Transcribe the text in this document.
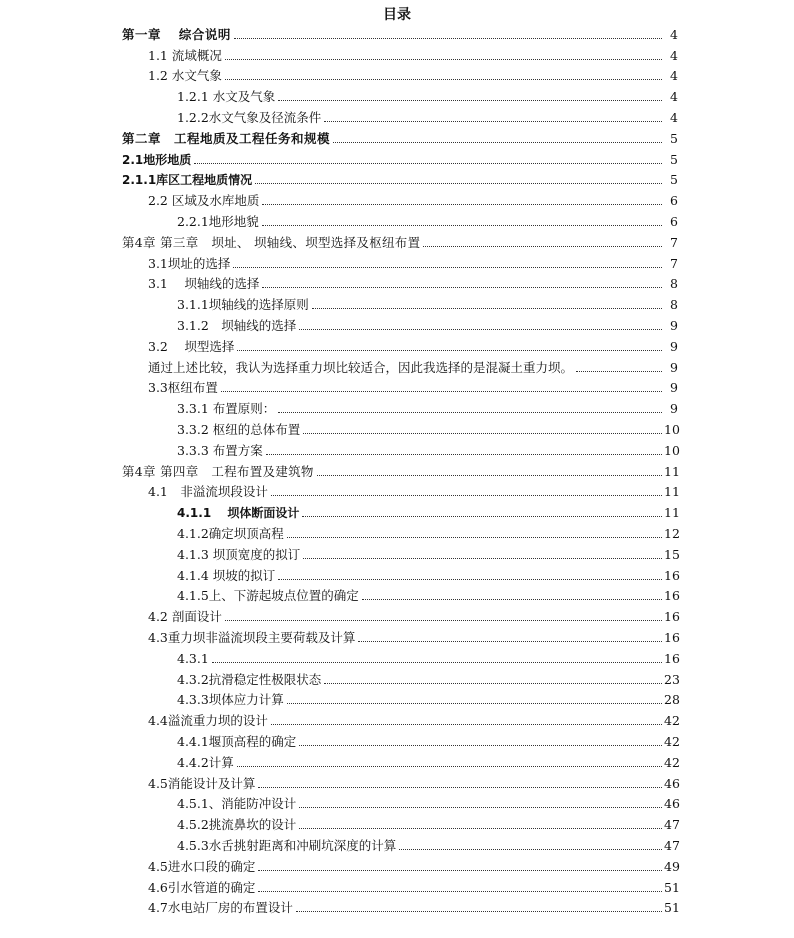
目录
第一章　 综合说明	4
1.1 流域概况	4
1.2 水文气象	4
1.2.1 水文及气象	4
1.2.2水文气象及径流条件	4
第二章　工程地质及工程任务和规模	5
2.1地形地质	5
2.1.1库区工程地质情况	5
2.2 区域及水库地质	6
2.2.1地形地貌	6
第4章 第三章　坝址、 坝轴线、坝型选择及枢纽布置	7
3.1坝址的选择	7
3.1　 坝轴线的选择	8
3.1.1坝轴线的选择原则	8
3.1.2　坝轴线的选择	9
3.2　 坝型选择	9
通过上述比较，我认为选择重力坝比较适合，因此我选择的是混凝土重力坝。	9
3.3枢纽布置	9
3.3.1 布置原则：	9
3.3.2 枢纽的总体布置	10
3.3.3 布置方案	10
第4章 第四章　工程布置及建筑物	11
4.1　非溢流坝段设计	11
4.1.1　 坝体断面设计	11
4.1.2确定坝顶高程	12
4.1.3 坝顶宽度的拟订	15
4.1.4 坝坡的拟订	16
4.1.5上、下游起坡点位置的确定	16
4.2 剖面设计	16
4.3重力坝非溢流坝段主要荷载及计算	16
4.3.1	16
4.3.2抗滑稳定性极限状态	23
4.3.3坝体应力计算	28
4.4溢流重力坝的设计	42
4.4.1堰顶高程的确定	42
4.4.2计算	42
4.5消能设计及计算	46
4.5.1、消能防冲设计	46
4.5.2挑流鼻坎的设计	47
4.5.3水舌挑射距离和冲刷坑深度的计算	47
4.5进水口段的确定	49
4.6引水管道的确定	51
4.7水电站厂房的布置设计	51
